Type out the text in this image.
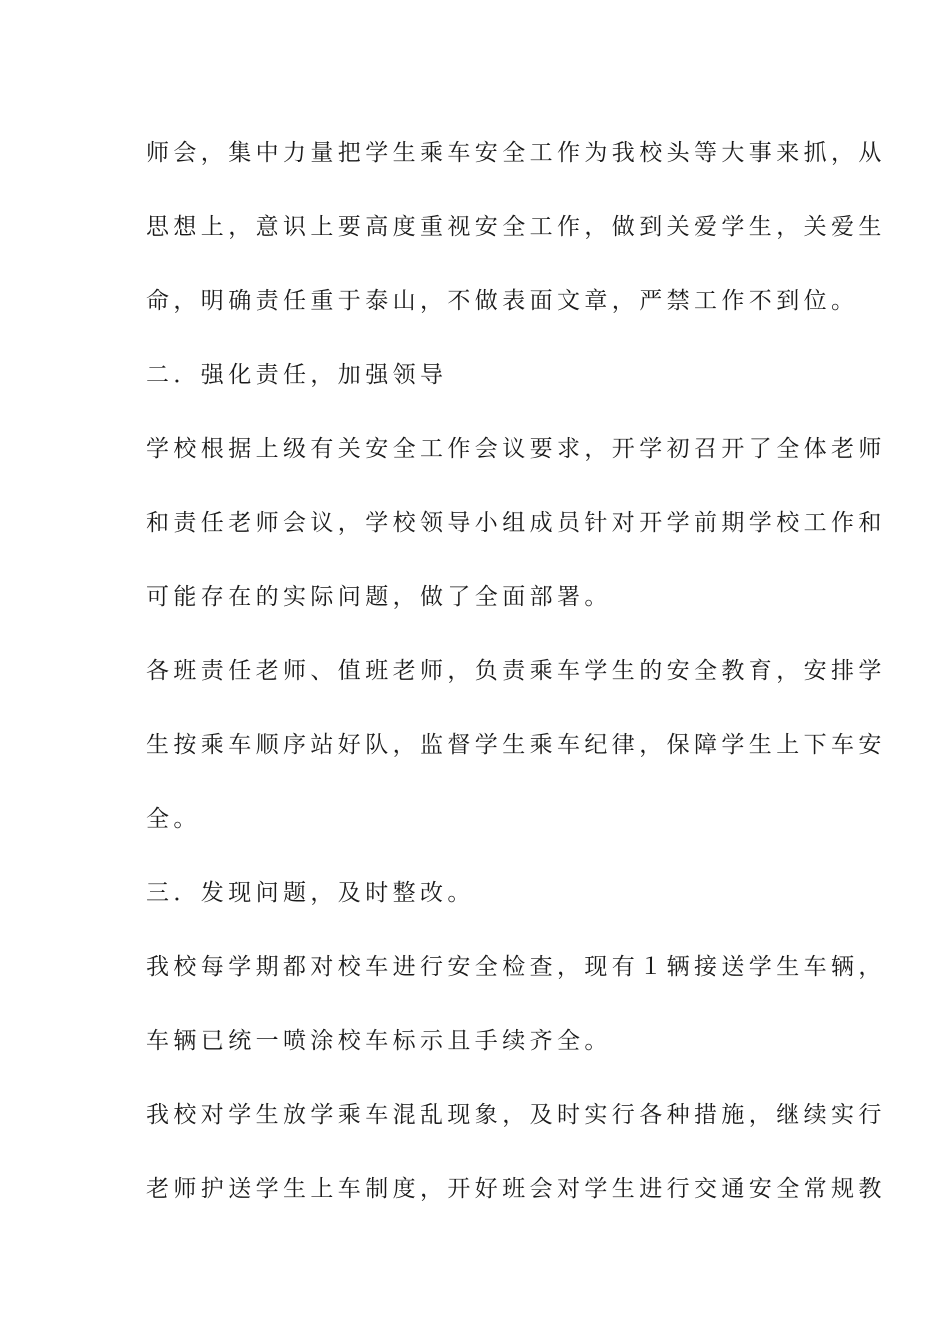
师会，集中力量把学生乘车安全工作为我校头等大事来抓，从
思想上，意识上要高度重视安全工作，做到关爱学生，关爱生
命，明确责任重于泰山，不做表面文章，严禁工作不到位。
二．强化责任，加强领导
学校根据上级有关安全工作会议要求，开学初召开了全体老师
和责任老师会议，学校领导小组成员针对开学前期学校工作和
可能存在的实际问题，做了全面部署。
各班责任老师、值班老师，负责乘车学生的安全教育，安排学
生按乘车顺序站好队，监督学生乘车纪律，保障学生上下车安
全。
三．发现问题，及时整改。
我校每学期都对校车进行安全检查，现有１辆接送学生车辆，
车辆已统一喷涂校车标示且手续齐全。
我校对学生放学乘车混乱现象，及时实行各种措施，继续实行
老师护送学生上车制度，开好班会对学生进行交通安全常规教
